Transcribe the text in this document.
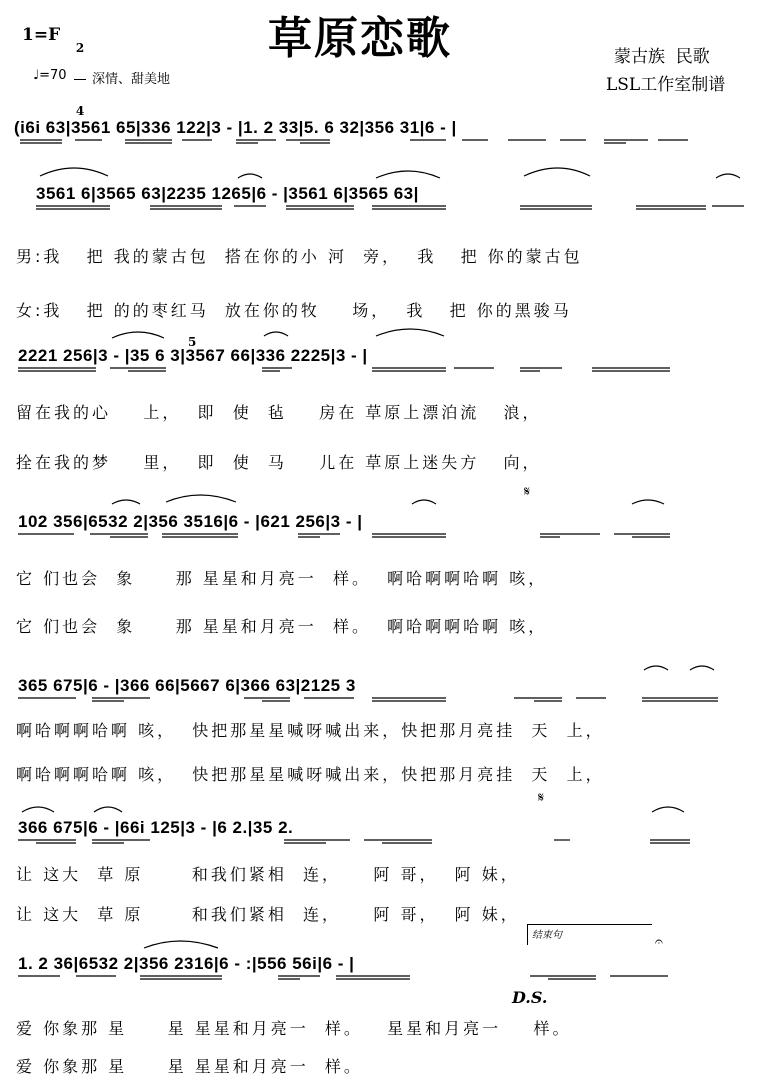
1=F

2

4

草原恋歌	蒙古族  民歌
LSL工作室制谱
♩=70 深情、甜美地
(i6i 63|3561 65|336 122|3 - |1. 2 33|5. 6 32|356 31|6 - |
3561 6|3565 63|2235 1265|6 - |3561 6|3565 63|
男:我   把 我的蒙古包  搭在你的小 河  旁，  我   把 你的蒙古包
女:我   把 的的枣红马  放在你的牧    场，  我   把 你的黑骏马
2221 256|3 - |35 6 3|3567 66|336 2225|3 - |
5
留在我的心    上，  即  使  毡    房在 草原上漂泊流   浪，
拴在我的梦    里，  即  使  马    儿在 草原上迷失方   向，
𝄋
102 356|6532 2|356 3516|6 - |621 256|3 - |
它 们也会  象     那 星星和月亮一  样。  啊哈啊啊哈啊 咳，
它 们也会  象     那 星星和月亮一  样。  啊哈啊啊哈啊 咳，
365 675|6 - |366 66|5667 6|366 63|2125 3
啊哈啊啊哈啊 咳，  快把那星星喊呀喊出来，快把那月亮挂  天  上，
啊哈啊啊哈啊 咳，  快把那星星喊呀喊出来，快把那月亮挂  天  上，
𝄋
366 675|6 - |66i 125|3 - |6 2.|35 2.
让 这大  草 原      和我们紧相  连，    阿 哥，  阿 妹，
让 这大  草 原      和我们紧相  连，    阿 哥，  阿 妹，
结束句	𝄐
1. 2 36|6532 2|356 2316|6 - :|556 56i|6 - |
D.S.
爱 你象那 星     星 星星和月亮一  样。   星星和月亮一    样。
爱 你象那 星     星 星星和月亮一  样。
